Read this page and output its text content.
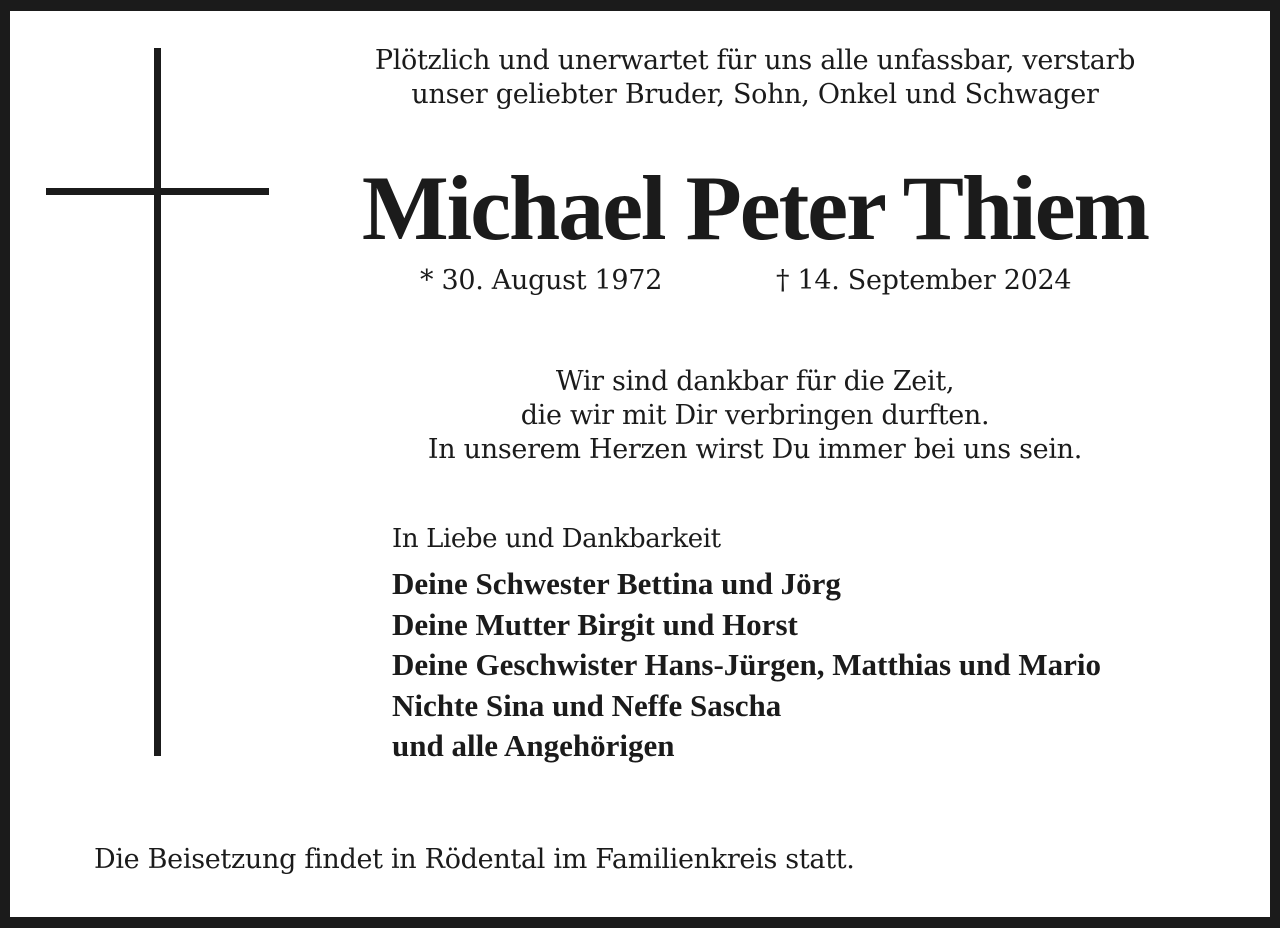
Plötzlich und unerwartet für uns alle unfassbar, verstarb
unser geliebter Bruder, Sohn, Onkel und Schwager
Michael Peter Thiem
* 30. August 1972	† 14. September 2024
Wir sind dankbar für die Zeit,
die wir mit Dir verbringen durften.
In unserem Herzen wirst Du immer bei uns sein.
In Liebe und Dankbarkeit
Deine Schwester Bettina und Jörg
Deine Mutter Birgit und Horst
Deine Geschwister Hans-Jürgen, Matthias und Mario
Nichte Sina und Neffe Sascha
und alle Angehörigen
Die Beisetzung findet in Rödental im Familienkreis statt.
